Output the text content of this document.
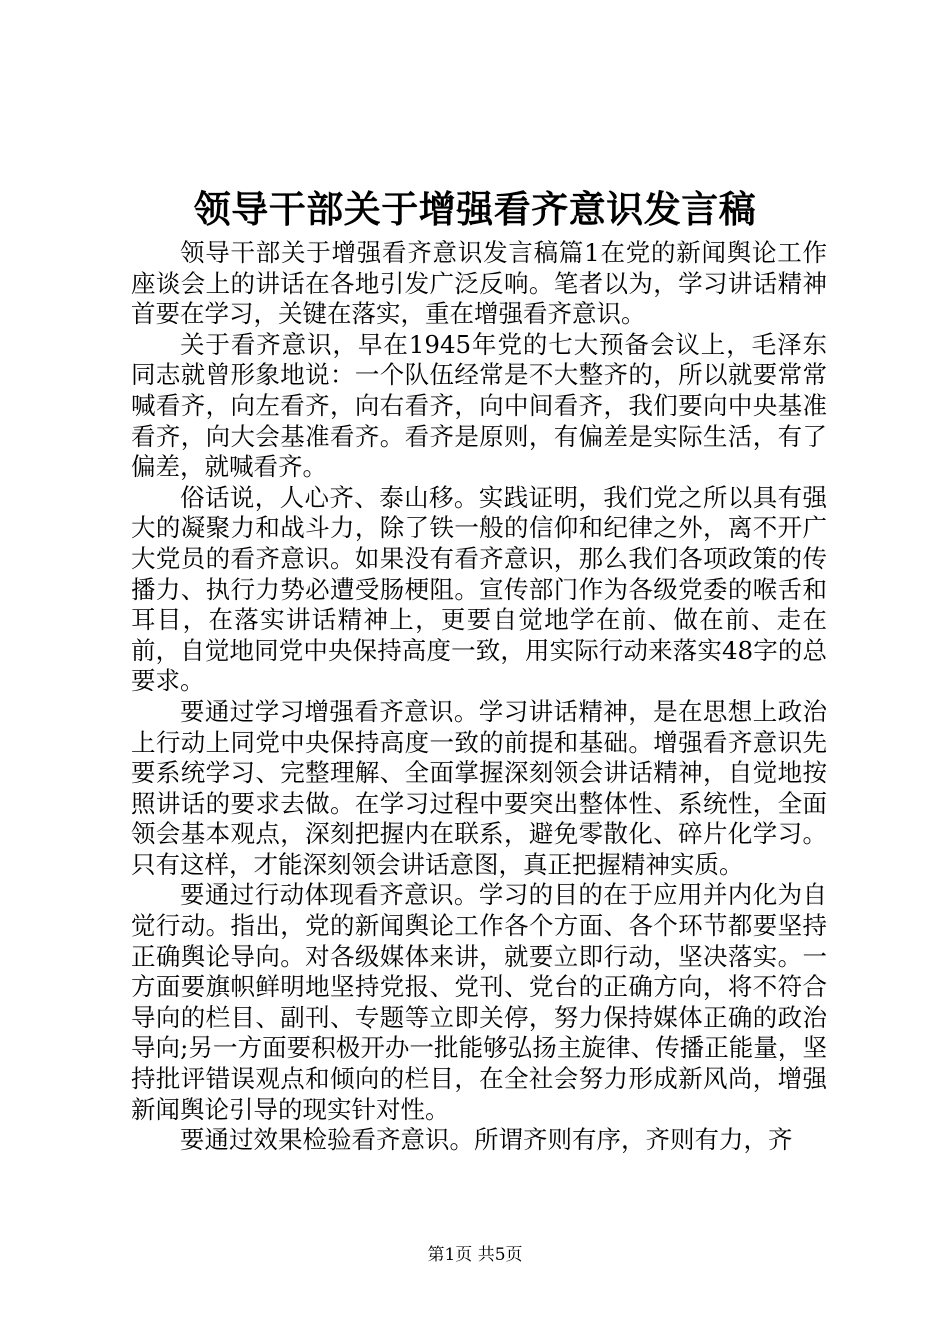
领导干部关于增强看齐意识发言稿

领导干部关于增强看齐意识发言稿篇1在党的新闻舆论工作座谈会上的讲话在各地引发广泛反响。笔者以为，学习讲话精神首要在学习，关键在落实，重在增强看齐意识。

关于看齐意识，早在1945年党的七大预备会议上，毛泽东同志就曾形象地说：一个队伍经常是不大整齐的，所以就要常常喊看齐，向左看齐，向右看齐，向中间看齐，我们要向中央基准看齐，向大会基准看齐。看齐是原则，有偏差是实际生活，有了偏差，就喊看齐。

俗话说，人心齐、泰山移。实践证明，我们党之所以具有强大的凝聚力和战斗力，除了铁一般的信仰和纪律之外，离不开广大党员的看齐意识。如果没有看齐意识，那么我们各项政策的传播力、执行力势必遭受肠梗阻。宣传部门作为各级党委的喉舌和耳目，在落实讲话精神上，更要自觉地学在前、做在前、走在前，自觉地同党中央保持高度一致，用实际行动来落实48字的总要求。

要通过学习增强看齐意识。学习讲话精神，是在思想上政治上行动上同党中央保持高度一致的前提和基础。增强看齐意识先要系统学习、完整理解、全面掌握深刻领会讲话精神，自觉地按照讲话的要求去做。在学习过程中要突出整体性、系统性，全面领会基本观点，深刻把握内在联系，避免零散化、碎片化学习。只有这样，才能深刻领会讲话意图，真正把握精神实质。

要通过行动体现看齐意识。学习的目的在于应用并内化为自觉行动。指出，党的新闻舆论工作各个方面、各个环节都要坚持正确舆论导向。对各级媒体来讲，就要立即行动，坚决落实。一方面要旗帜鲜明地坚持党报、党刊、党台的正确方向，将不符合导向的栏目、副刊、专题等立即关停，努力保持媒体正确的政治导向;另一方面要积极开办一批能够弘扬主旋律、传播正能量，坚持批评错误观点和倾向的栏目，在全社会努力形成新风尚，增强新闻舆论引导的现实针对性。

要通过效果检验看齐意识。所谓齐则有序，齐则有力，齐

第1页 共5页
